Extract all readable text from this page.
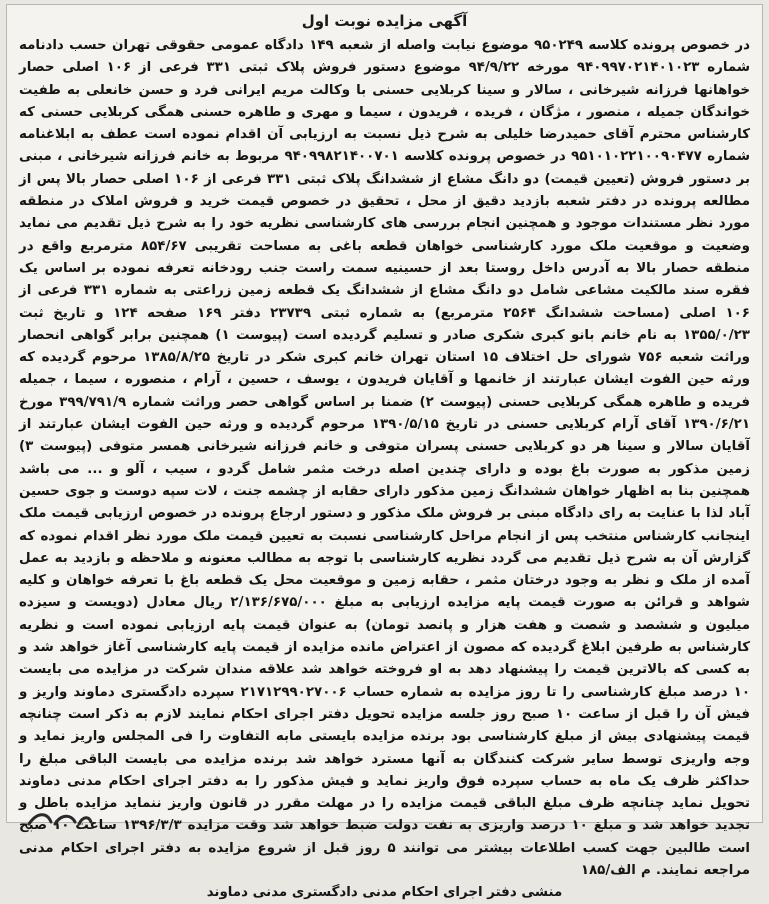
آگهی مزایده نوبت اول

در خصوص پرونده کلاسه ۹۵۰۲۴۹ موضوع نیابت واصله از شعبه ۱۴۹ دادگاه عمومی حقوقی تهران حسب دادنامه شماره ۹۴۰۹۹۷۰۲۱۴۰۱۰۲۳ مورخه ۹۴/۹/۲۲ موضوع دستور فروش پلاک ثبتی ۳۳۱ فرعی از ۱۰۶ اصلی حصار خواهانها فرزانه شیرخانی ، سالار و سینا کربلایی حسنی با وکالت مریم ایرانی فرد و حسن خانعلی به طفیت خواندگان جمیله ، منصور ، مژگان ، فریده ، فریدون ، سیما و مهری و طاهره حسنی همگی کربلایی حسنی که کارشناس محترم آقای حمیدرضا خلیلی به شرح ذیل نسبت به ارزیابی آن اقدام نموده است عطف به ابلاغنامه شماره ۹۵۱۰۱۰۲۲۱۰۰۹۰۴۷۷ در خصوص پرونده کلاسه ۹۴۰۹۹۸۲۱۴۰۰۷۰۱ مربوط به خانم فرزانه شیرخانی ، مبنی بر دستور فروش (تعیین قیمت) دو دانگ مشاع از ششدانگ پلاک ثبتی ۳۳۱ فرعی از ۱۰۶ اصلی حصار بالا پس از مطالعه پرونده در دفتر شعبه بازدید دقیق از محل ، تحقیق در خصوص قیمت خرید و فروش املاک در منطقه مورد نظر مستندات موجود و همچنین انجام بررسی های کارشناسی نظریه خود را به شرح ذیل تقدیم می نماید وضعیت و موقعیت ملک مورد کارشناسی خواهان قطعه باغی به مساحت تقریبی ۸۵۴/۶۷ مترمربع واقع در منطقه حصار بالا به آدرس داخل روستا بعد از حسینیه سمت راست جنب رودخانه تعرفه نموده بر اساس یک فقره سند مالکیت مشاعی شامل دو دانگ مشاع از ششدانگ یک قطعه زمین زراعتی به شماره ۳۳۱ فرعی از ۱۰۶ اصلی (مساحت ششدانگ ۲۵۶۴ مترمربع) به شماره ثبتی ۲۳۷۳۹ دفتر ۱۶۹ صفحه ۱۲۴ و تاریخ ثبت ۱۳۵۵/۰/۲۳ به نام خانم بانو کبری شکری صادر و تسلیم گردیده است (پیوست ۱) همچنین برابر گواهی انحصار وراثت شعبه ۷۵۶ شورای حل اختلاف ۱۵ استان تهران خانم کبری شکر در تاریخ ۱۳۸۵/۸/۲۵ مرحوم گردیده که ورثه حین الفوت ایشان عبارتند از خانمها و آقایان فریدون ، یوسف ، حسین ، آرام ، منصوره ، سیما ، جمیله فریده و طاهره همگی کربلایی حسنی (پیوست ۲) ضمنا بر اساس گواهی حصر وراثت شماره ۳۹۹/۷۹۱/۹ مورخ ۱۳۹۰/۶/۲۱ آقای آرام کربلایی حسنی در تاریخ ۱۳۹۰/۵/۱۵ مرحوم گردیده و ورثه حین الفوت ایشان عبارتند از آقایان سالار و سینا هر دو کربلایی حسنی پسران متوفی و خانم فرزانه شیرخانی همسر متوفی (پیوست ۳) زمین مذکور به صورت باغ بوده و دارای چندین اصله درخت مثمر شامل گردو ، سیب ، آلو و ... می باشد همچنین بنا به اظهار خواهان ششدانگ زمین مذکور دارای حقابه از چشمه جنت ، لات سپه دوست و جوی حسین آباد لذا با عنایت به رای دادگاه مبنی بر فروش ملک مذکور و دستور ارجاع پرونده در خصوص ارزیابی قیمت ملک اینجانب کارشناس منتخب پس از انجام مراحل کارشناسی نسبت به تعیین قیمت ملک مورد نظر اقدام نموده که گزارش آن به شرح ذیل تقدیم می گردد نظریه کارشناسی با توجه به مطالب معنونه و ملاحظه و بازدید به عمل آمده از ملک و نظر به وجود درختان مثمر ، حقابه زمین و موقعیت محل یک قطعه باغ با تعرفه خواهان و کلیه شواهد و قرائن به صورت قیمت پایه مزایده ارزیابی به مبلغ ۲/۱۳۶/۶۷۵/۰۰۰ ریال معادل (دویست و سیزده میلیون و ششصد و شصت و هفت هزار و پانصد تومان) به عنوان قیمت پایه ارزیابی نموده است و نظریه کارشناس به طرفین ابلاغ گردیده که مصون از اعتراض مانده مزایده از قیمت پایه کارشناسی آغاز خواهد شد و به کسی که بالاترین قیمت را پیشنهاد دهد به او فروخته خواهد شد علاقه مندان شرکت در مزایده می بایست ۱۰ درصد مبلغ کارشناسی را تا روز مزایده به شماره حساب ۲۱۷۱۲۹۹۰۲۷۰۰۶ سپرده دادگستری دماوند واریز و فیش آن را قبل از ساعت ۱۰ صبح روز جلسه مزایده تحویل دفتر اجرای احکام نمایند لازم به ذکر است چنانچه قیمت پیشنهادی بیش از مبلغ کارشناسی بود برنده مزایده بایستی مابه التفاوت را فی المجلس واریز نماید و وجه واریزی توسط سایر شرکت کنندگان به آنها مسترد خواهد شد برنده مزایده می بایست الباقی مبلغ را حداکثر ظرف یک ماه به حساب سپرده فوق واریز نماید و فیش مذکور را به دفتر اجرای احکام مدنی دماوند تحویل نماید چنانچه ظرف مبلغ الباقی قیمت مزایده را در مهلت مقرر در قانون واریز ننماید مزایده باطل و تجدید خواهد شد و مبلغ ۱۰ درصد واریزی به نفت دولت ضبط خواهد شد وقت مزایده ۱۳۹۶/۳/۳ ساعت ۱۰ صبح است طالبین جهت کسب اطلاعات بیشتر می توانند ۵ روز قبل از شروع مزایده به دفتر اجرای احکام مدنی مراجعه نمایند. م الف/۱۸۵

منشی دفتر اجرای احکام مدنی دادگستری مدنی دماوند
